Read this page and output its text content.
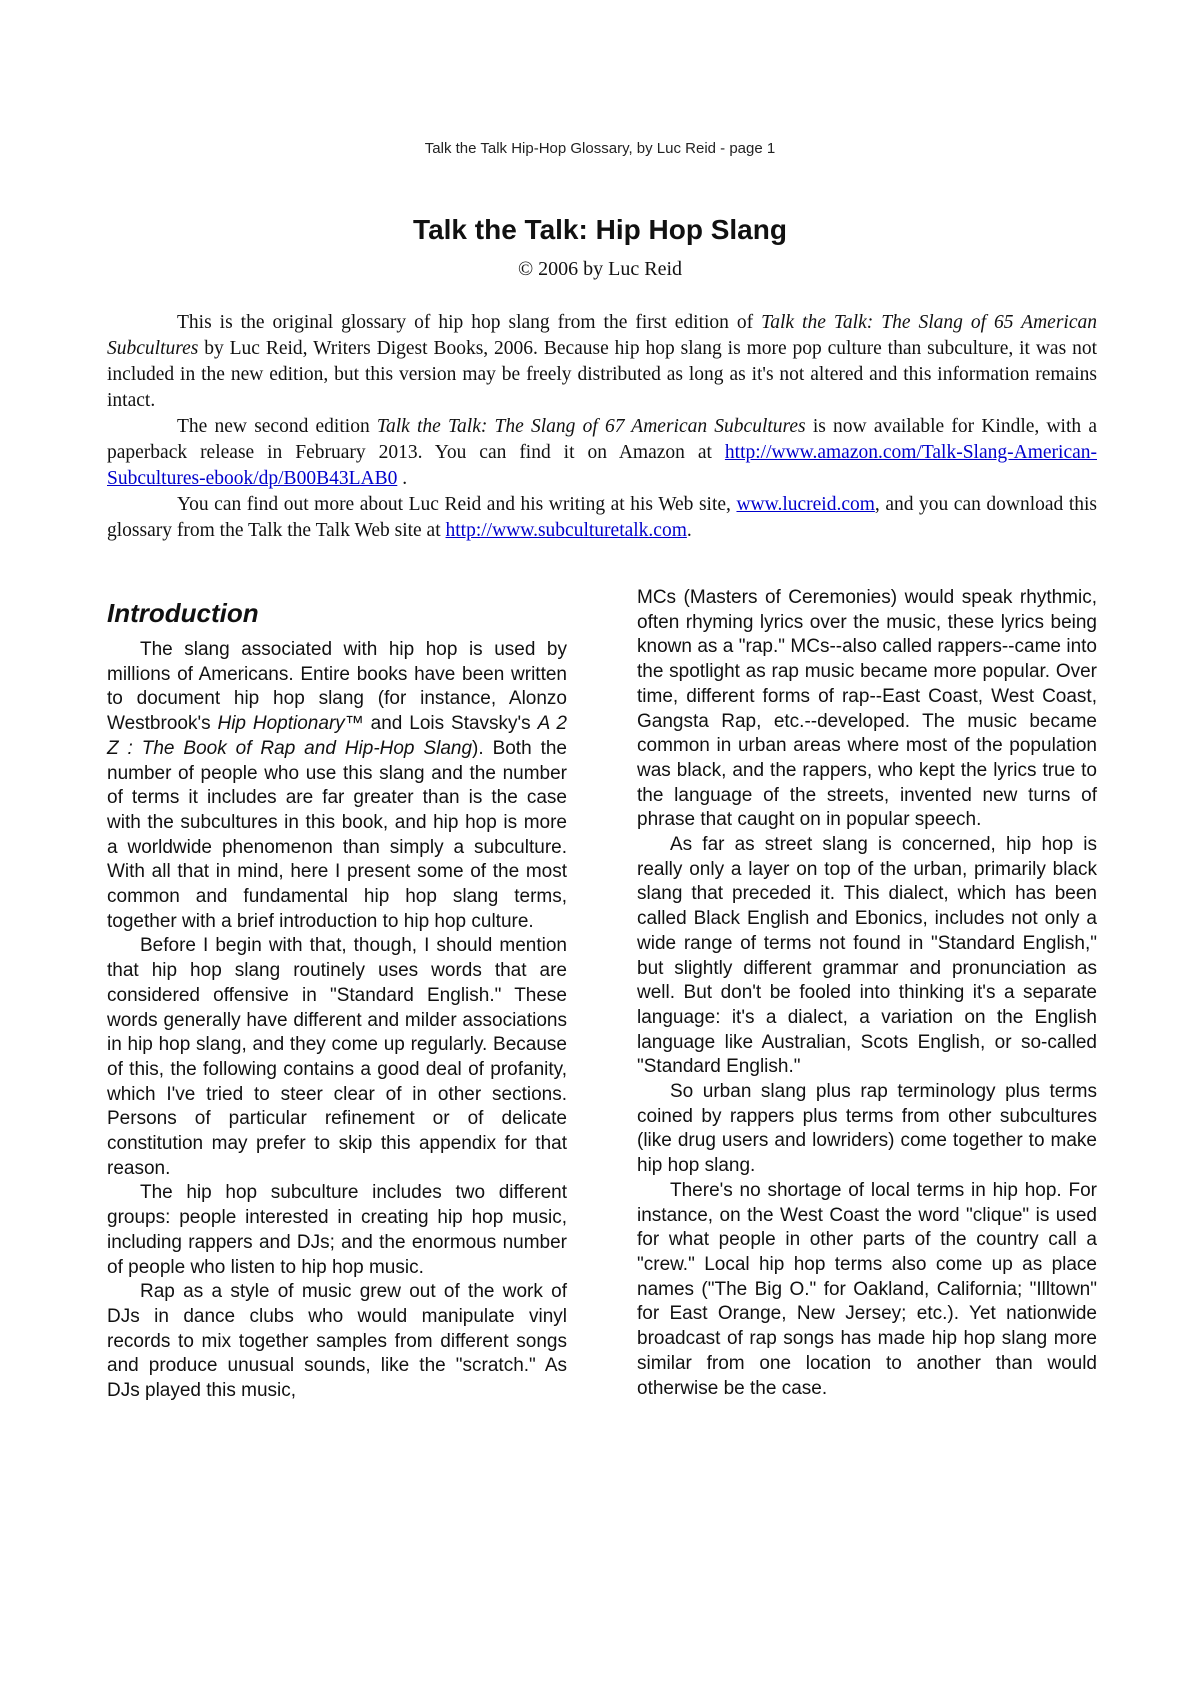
Talk the Talk Hip-Hop Glossary, by Luc Reid - page 1
Talk the Talk: Hip Hop Slang
© 2006 by Luc Reid

This is the original glossary of hip hop slang from the first edition of Talk the Talk: The Slang of 65 American Subcultures by Luc Reid, Writers Digest Books, 2006. Because hip hop slang is more pop culture than subculture, it was not included in the new edition, but this version may be freely distributed as long as it's not altered and this information remains intact.

The new second edition Talk the Talk: The Slang of 67 American Subcultures is now available for Kindle, with a paperback release in February 2013. You can find it on Amazon at http://www.amazon.com/Talk-Slang-American-Subcultures-ebook/dp/B00B43LAB0 .

You can find out more about Luc Reid and his writing at his Web site, www.lucreid.com, and you can download this glossary from the Talk the Talk Web site at http://www.subculturetalk.com.

Introduction

The slang associated with hip hop is used by millions of Americans. Entire books have been written to document hip hop slang (for instance, Alonzo Westbrook's Hip Hoptionary™ and Lois Stavsky's A 2 Z : The Book of Rap and Hip-Hop Slang). Both the number of people who use this slang and the number of terms it includes are far greater than is the case with the subcultures in this book, and hip hop is more a worldwide phenomenon than simply a subculture. With all that in mind, here I present some of the most common and fundamental hip hop slang terms, together with a brief introduction to hip hop culture.

Before I begin with that, though, I should mention that hip hop slang routinely uses words that are considered offensive in "Standard English." These words generally have different and milder associations in hip hop slang, and they come up regularly. Because of this, the following contains a good deal of profanity, which I've tried to steer clear of in other sections. Persons of particular refinement or of delicate constitution may prefer to skip this appendix for that reason.

The hip hop subculture includes two different groups: people interested in creating hip hop music, including rappers and DJs; and the enormous number of people who listen to hip hop music.

Rap as a style of music grew out of the work of DJs in dance clubs who would manipulate vinyl records to mix together samples from different songs and produce unusual sounds, like the "scratch." As DJs played this music,

MCs (Masters of Ceremonies) would speak rhythmic, often rhyming lyrics over the music, these lyrics being known as a "rap." MCs--also called rappers--came into the spotlight as rap music became more popular. Over time, different forms of rap--East Coast, West Coast, Gangsta Rap, etc.--developed. The music became common in urban areas where most of the population was black, and the rappers, who kept the lyrics true to the language of the streets, invented new turns of phrase that caught on in popular speech.

As far as street slang is concerned, hip hop is really only a layer on top of the urban, primarily black slang that preceded it. This dialect, which has been called Black English and Ebonics, includes not only a wide range of terms not found in "Standard English," but slightly different grammar and pronunciation as well. But don't be fooled into thinking it's a separate language: it's a dialect, a variation on the English language like Australian, Scots English, or so-called "Standard English."

So urban slang plus rap terminology plus terms coined by rappers plus terms from other subcultures (like drug users and lowriders) come together to make hip hop slang.

There's no shortage of local terms in hip hop. For instance, on the West Coast the word "clique" is used for what people in other parts of the country call a "crew." Local hip hop terms also come up as place names ("The Big O." for Oakland, California; "Illtown" for East Orange, New Jersey; etc.). Yet nationwide broadcast of rap songs has made hip hop slang more similar from one location to another than would otherwise be the case.
